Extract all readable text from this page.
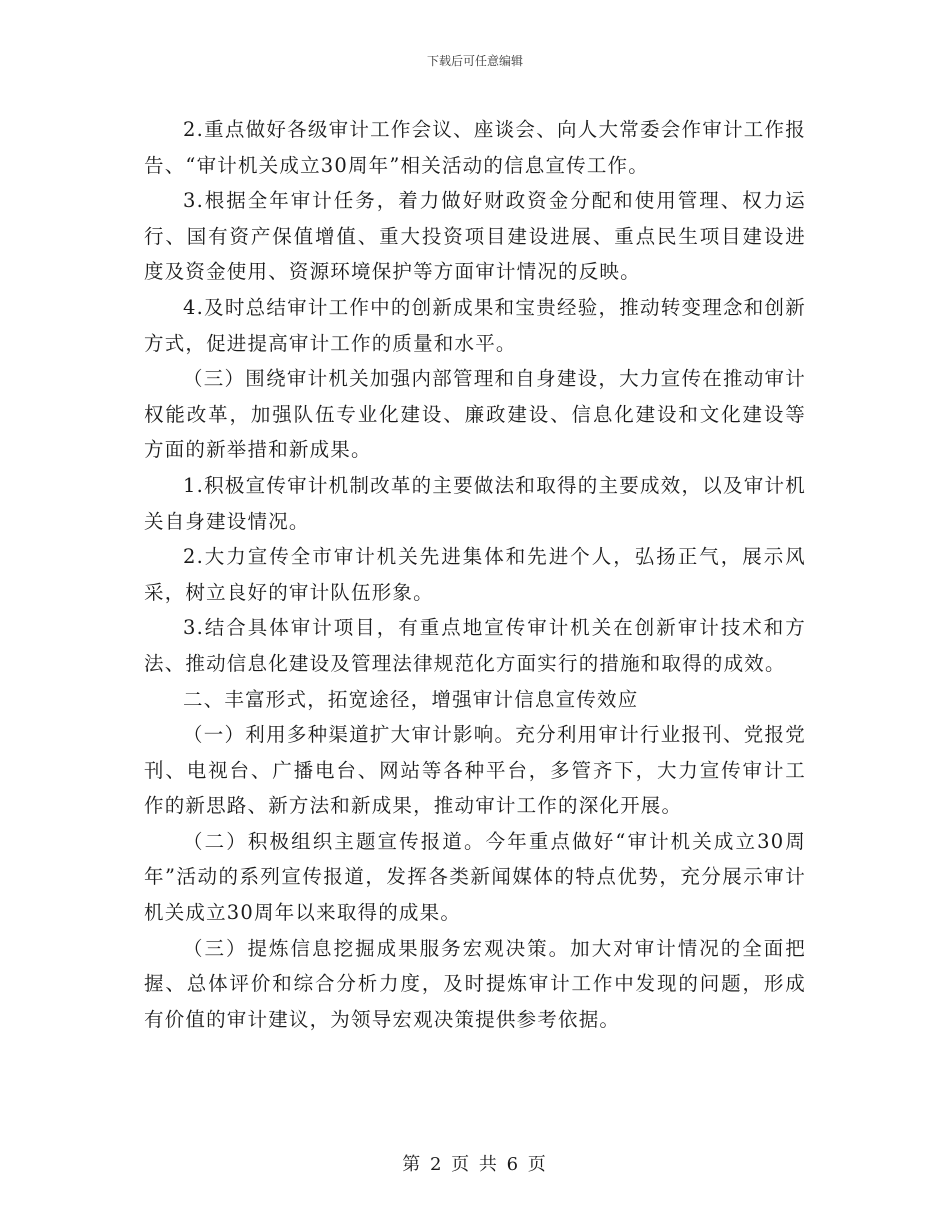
下载后可任意编辑

2.重点做好各级审计工作会议、座谈会、向人大常委会作审计工作报告、“审计机关成立30周年”相关活动的信息宣传工作。

3.根据全年审计任务，着力做好财政资金分配和使用管理、权力运行、国有资产保值增值、重大投资项目建设进展、重点民生项目建设进度及资金使用、资源环境保护等方面审计情况的反映。

4.及时总结审计工作中的创新成果和宝贵经验，推动转变理念和创新方式，促进提高审计工作的质量和水平。

（三）围绕审计机关加强内部管理和自身建设，大力宣传在推动审计权能改革，加强队伍专业化建设、廉政建设、信息化建设和文化建设等方面的新举措和新成果。

1.积极宣传审计机制改革的主要做法和取得的主要成效，以及审计机关自身建设情况。

2.大力宣传全市审计机关先进集体和先进个人，弘扬正气，展示风采，树立良好的审计队伍形象。

3.结合具体审计项目，有重点地宣传审计机关在创新审计技术和方法、推动信息化建设及管理法律规范化方面实行的措施和取得的成效。

二、丰富形式，拓宽途径，增强审计信息宣传效应

（一）利用多种渠道扩大审计影响。充分利用审计行业报刊、党报党刊、电视台、广播电台、网站等各种平台，多管齐下，大力宣传审计工作的新思路、新方法和新成果，推动审计工作的深化开展。

（二）积极组织主题宣传报道。今年重点做好“审计机关成立30周年”活动的系列宣传报道，发挥各类新闻媒体的特点优势，充分展示审计机关成立30周年以来取得的成果。

（三）提炼信息挖掘成果服务宏观决策。加大对审计情况的全面把握、总体评价和综合分析力度，及时提炼审计工作中发现的问题，形成有价值的审计建议，为领导宏观决策提供参考依据。

第 2 页 共 6 页
